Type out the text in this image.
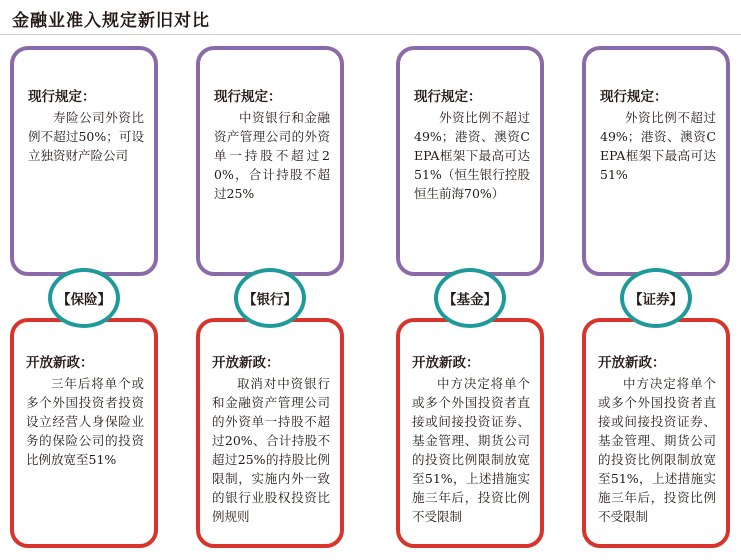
金融业准入规定新旧对比
现行规定：
寿险公司外资比例不超过50%；可设立独资财产险公司
【保险】
开放新政：
三年后将单个或多个外国投资者投资设立经营人身保险业务的保险公司的投资比例放宽至51%
现行规定：
中资银行和金融资产管理公司的外资单一持股不超过20%，合计持股不超过25%
【银行】
开放新政：
取消对中资银行和金融资产管理公司的外资单一持股不超过20%、合计持股不超过25%的持股比例限制，实施内外一致的银行业股权投资比例规则
现行规定：
外资比例不超过49%；港资、澳资CEPA框架下最高可达51%（恒生银行控股恒生前海70%）
【基金】
开放新政：
中方决定将单个或多个外国投资者直接或间接投资证券、基金管理、期货公司的投资比例限制放宽至51%，上述措施实施三年后，投资比例不受限制
现行规定：
外资比例不超过49%；港资、澳资CEPA框架下最高可达51%
【证券】
开放新政：
中方决定将单个或多个外国投资者直接或间接投资证券、基金管理、期货公司的投资比例限制放宽至51%，上述措施实施三年后，投资比例不受限制
